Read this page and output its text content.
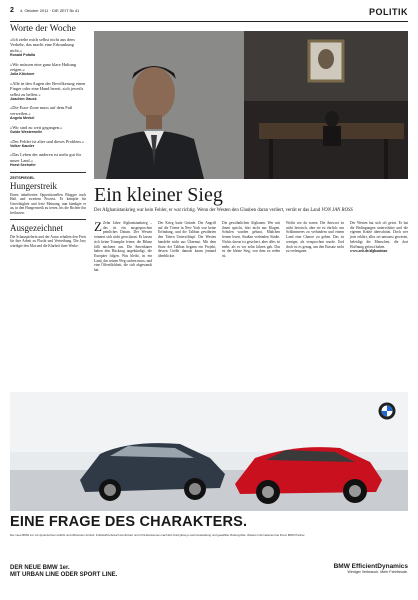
2 4. Oktober 2011 · DIE ZEIT № 41	POLITIK
Worte der Woche
»Ich ziehe mich selbst nicht aus dem Verkehr, das macht eine Erkrankung nicht.«
Ronald Pofalla
»Wir müssen eine ganz klare Haltung zeigen.«
Julia Klöckner
»Alle in den Augen der Bevölkerung einen Finger oder eine Hand bereit, sich jeweils selbst zu helfen.«
Joachim Gauck
»Die Euro-Zone muss auf dem Fuß verweilen.«
Angela Merkel
»Wir sind zu weit gegangen.«
Guido Westerwelle
»Der Fehler ist alter und dieses Problem.«
Volker Kauder
»Das Leben der anderen ist mehr gut für unser Land.«
Horst Seehofer
ZEITSPIEGEL
Hungerstreik
Einen inhaftierten Oppositionellen Blogger nach Haft und zweitem Prozess. Er kämpfte für Gerechtigkeit und freie Meinung, nun kündigte er an, in den Hungerstreik zu treten, bis die Richter ihn freilassen.
Ausgezeichnet
Die Schauspielerin und der Autor erhalten den Preis für ihre Arbeit zu Flucht und Vertreibung. Die Jury würdigte den Mut und die Klarheit ihrer Werke.
Ein kleiner Sieg
Der Afghanistankrieg war kein Fehler, er war richtig. Wenn der Westen den Glauben daran verliert, verrät er das Land VON JAN ROSS
Z Zehn Jahre Afghanistankrieg – das ist ein ausgesprochen peinliches Datum. Der Westen erinnert sich nicht gern daran. Es lassen sich keine Triumphe feiern; die Bilanz fällt nüchtern aus. Die Amerikaner haben den Rückzug angekündigt, die Europäer folgen. Was bleibt, ist ein Land, das seinen Weg suchen muss, und eine Öffentlichkeit, die sich abgewandt hat.
Der Krieg hatte Gründe. Der Angriff auf die Türme in New York war keine Erfindung, und die Taliban gewährten den Tätern Unterschlupf. Der Westen handelte nicht aus Übermut. Mit dem Sturz der Taliban begann ein Projekt, dessen Größe damals kaum jemand überblickte.
Die gewöhnlichen Afghanen. Wer mit ihnen spricht, hört nicht nur Klagen. Schulen wurden gebaut, Mädchen lernen lesen, Straßen verbinden Städte. Nichts davon ist gesichert, aber alles ist mehr, als es vor zehn Jahren gab. Das ist der kleine Sieg, von dem zu reden ist.
Wofür wir da waren. Die Antwort ist nicht heroisch, aber sie ist ehrlich: um Schlimmeres zu verhindern und einem Land eine Chance zu geben. Das ist weniger, als versprochen wurde. Und doch ist es genug, um den Einsatz nicht zu verleugnen.
Der Westen hat sich oft geirrt. Er hat die Bedingungen unterschätzt und die eigenen Kräfte überschätzt. Doch wer jetzt erklärt, alles sei umsonst gewesen, beleidigt die Menschen, die dort Hoffnung gefasst haben.
www.zeit.de/afghanistan
EINE FRAGE DES CHARAKTERS.
Der neue BMW 1er mit dynamischem Auftritt und effizientem Antrieb. Kraftstoffverbrauch kombiniert und CO2-Emissionen nach EU-Testzyklus je nach Ausstattung und gewählter Reifengröße. Weitere Informationen bei Ihrem BMW Partner.
DER NEUE BMW 1er.
MIT URBAN LINE ODER SPORT LINE.
BMW EfficientDynamics
Weniger Verbrauch. Mehr Fahrfreude.
